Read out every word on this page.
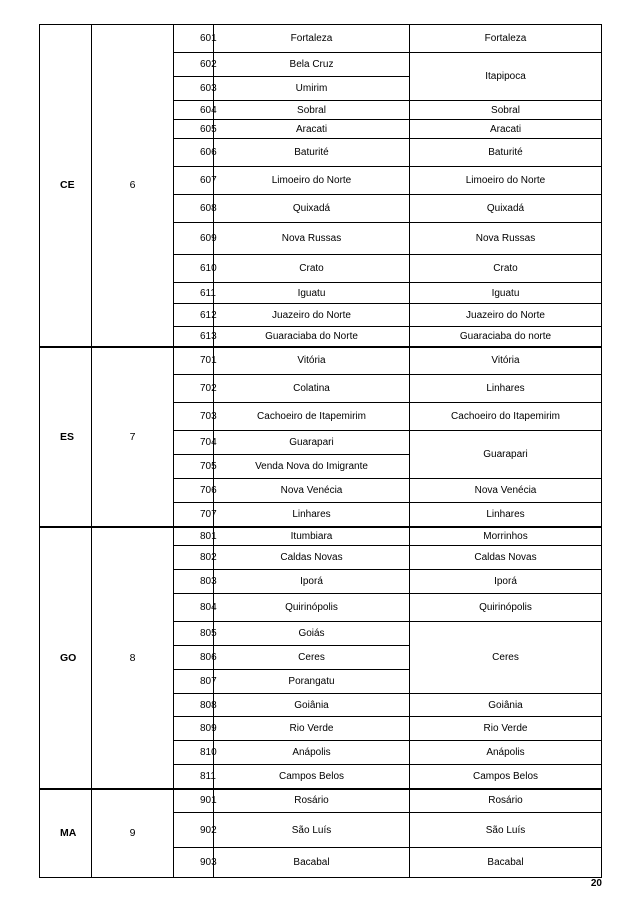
CE	6	601	Fortaleza	Fortaleza
		602	Bela Cruz	Itapipoca
		603	Umirim	
		604	Sobral	Sobral
		605	Aracati	Aracati
		606	Baturité	Baturité
		607	Limoeiro do Norte	Limoeiro do Norte
		608	Quixadá	Quixadá
		609	Nova Russas	Nova Russas
		610	Crato	Crato
		611	Iguatu	Iguatu
		612	Juazeiro do Norte	Juazeiro do Norte
		613	Guaraciaba do Norte	Guaraciaba do norte
ES	7	701	Vitória	Vitória
		702	Colatina	Linhares
		703	Cachoeiro de Itapemirim	Cachoeiro do Itapemirim
		704	Guarapari	Guarapari
		705	Venda Nova do Imigrante	
		706	Nova Venécia	Nova Venécia
		707	Linhares	Linhares
GO	8	801	Itumbiara	Morrinhos
		802	Caldas Novas	Caldas Novas
		803	Iporá	Iporá
		804	Quirinópolis	Quirinópolis
		805	Goiás	Ceres
		806	Ceres	
		807	Porangatu	
		808	Goiânia	Goiânia
		809	Rio Verde	Rio Verde
		810	Anápolis	Anápolis
		811	Campos Belos	Campos Belos
MA	9	901	Rosário	Rosário
		902	São Luís	São Luís
		903	Bacabal	Bacabal
20
